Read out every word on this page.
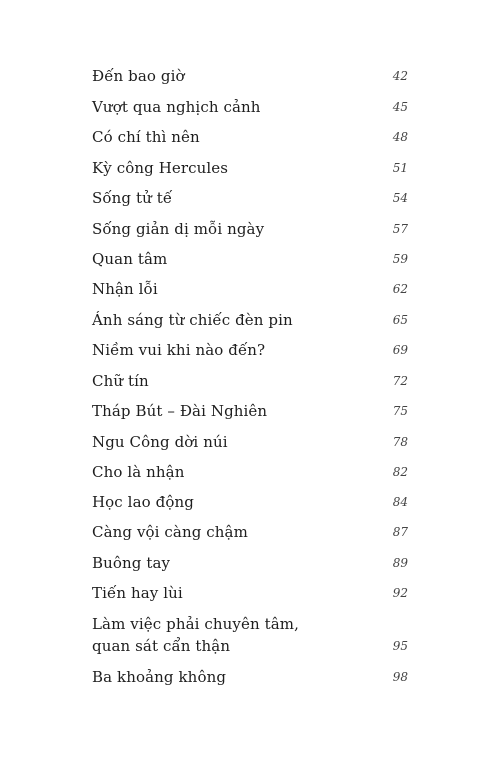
Đến bao giờ	42
Vượt qua nghịch cảnh	45
Có chí thì nên	48
Kỳ công Hercules	51
Sống tử tế	54
Sống giản dị mỗi ngày	57
Quan tâm	59
Nhận lỗi	62
Ánh sáng từ chiếc đèn pin	65
Niềm vui khi nào đến?	69
Chữ tín	72
Tháp Bút – Đài Nghiên	75
Ngu Công dời núi	78
Cho là nhận	82
Học lao động	84
Càng vội càng chậm	87
Buông tay	89
Tiến hay lùi	92
Làm việc phải chuyên tâm,
quan sát cẩn thận	95
Ba khoảng không	98
